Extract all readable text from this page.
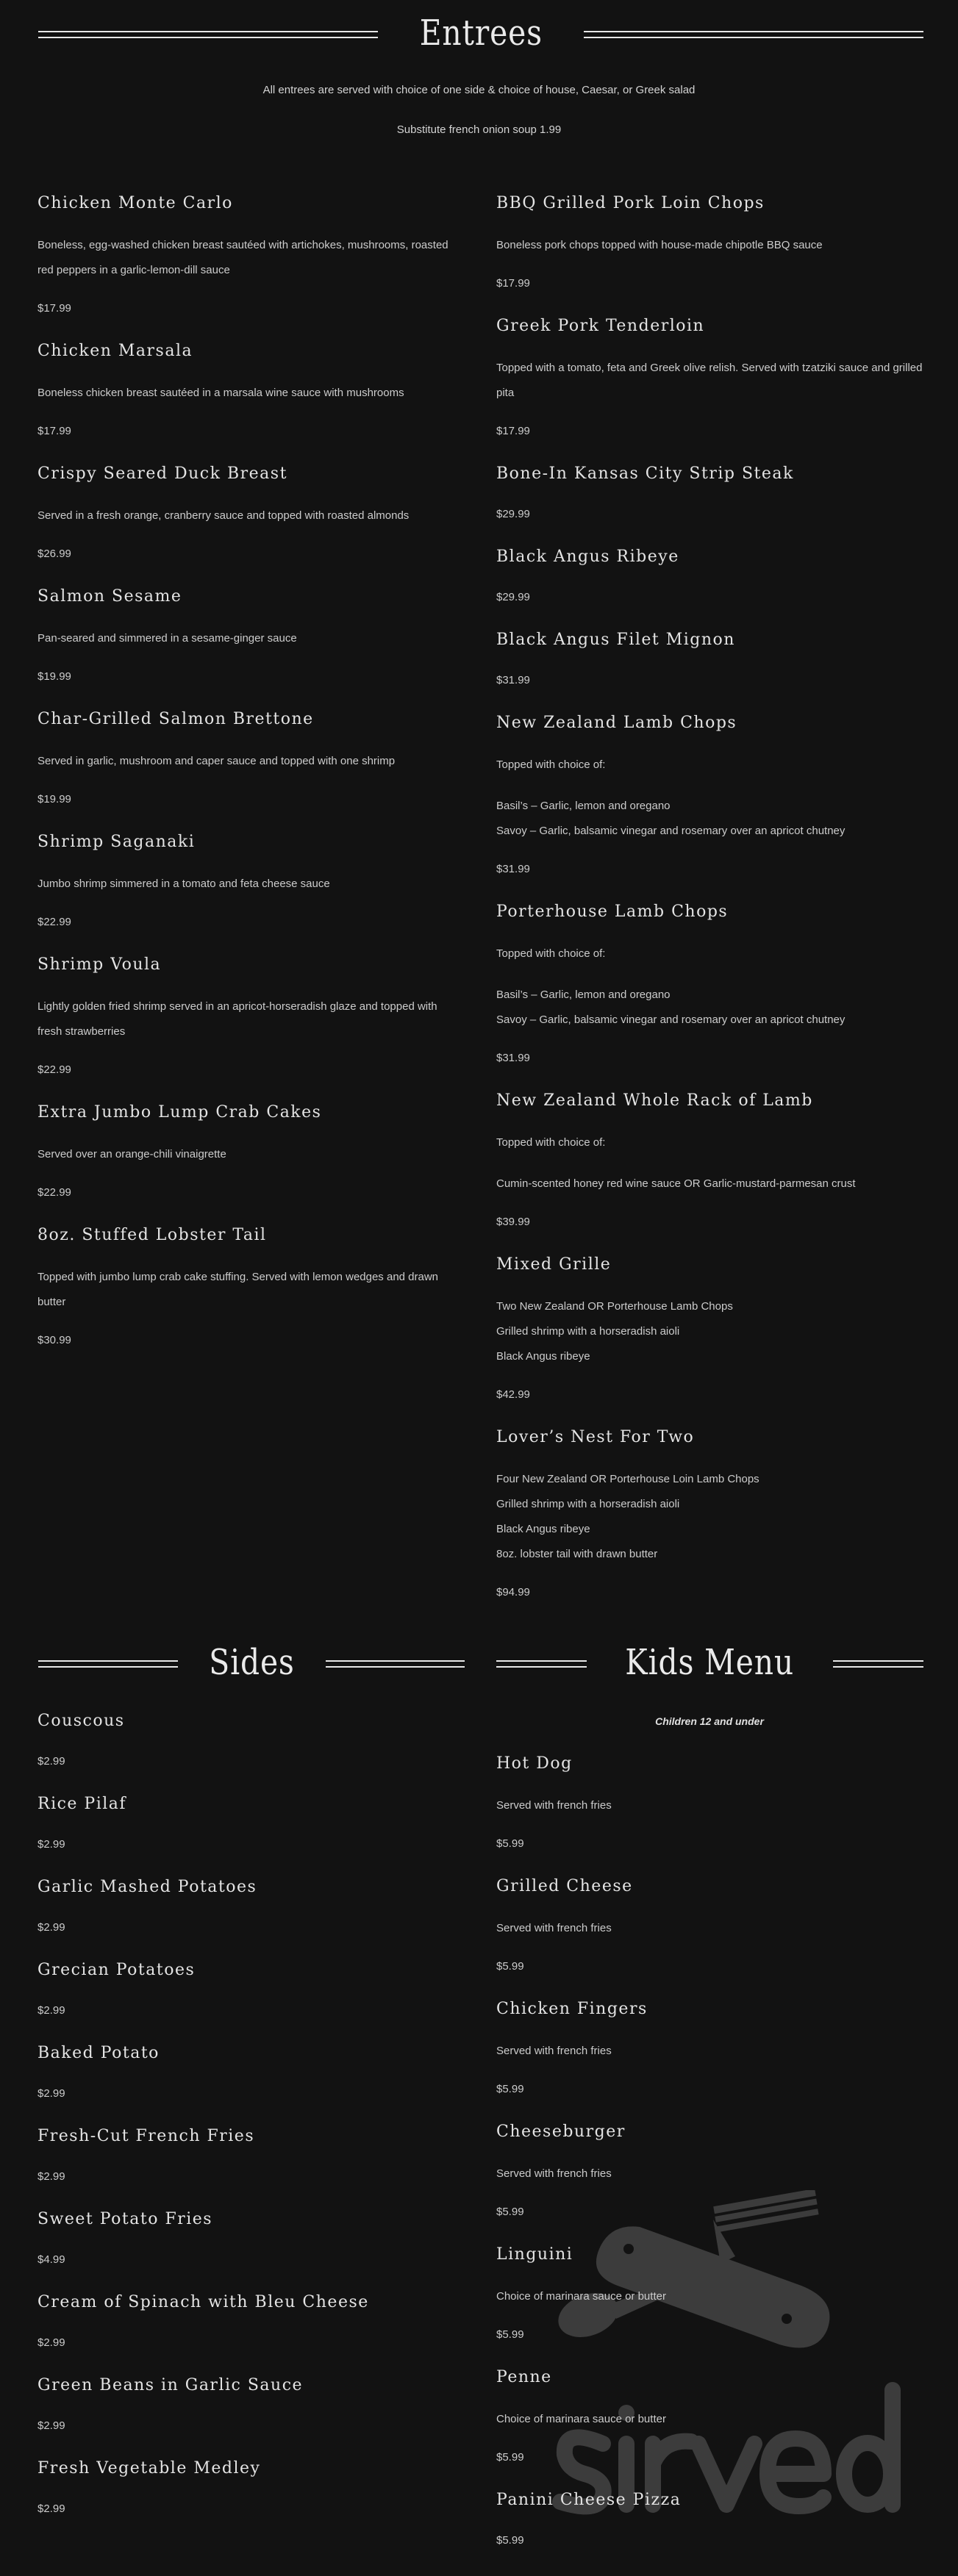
Entrees
All entrees are served with choice of one side & choice of house, Caesar, or Greek salad
Substitute french onion soup 1.99
Chicken Monte Carlo
Boneless, egg-washed chicken breast sautéed with artichokes, mushrooms, roasted red peppers in a garlic-lemon-dill sauce
$17.99
Chicken Marsala
Boneless chicken breast sautéed in a marsala wine sauce with mushrooms
$17.99
Crispy Seared Duck Breast
Served in a fresh orange, cranberry sauce and topped with roasted almonds
$26.99
Salmon Sesame
Pan-seared and simmered in a sesame-ginger sauce
$19.99
Char-Grilled Salmon Brettone
Served in garlic, mushroom and caper sauce and topped with one shrimp
$19.99
Shrimp Saganaki
Jumbo shrimp simmered in a tomato and feta cheese sauce
$22.99
Shrimp Voula
Lightly golden fried shrimp served in an apricot-horseradish glaze and topped with fresh strawberries
$22.99
Extra Jumbo Lump Crab Cakes
Served over an orange-chili vinaigrette
$22.99
8oz. Stuffed Lobster Tail
Topped with jumbo lump crab cake stuffing. Served with lemon wedges and drawn butter
$30.99
BBQ Grilled Pork Loin Chops
Boneless pork chops topped with house-made chipotle BBQ sauce
$17.99
Greek Pork Tenderloin
Topped with a tomato, feta and Greek olive relish. Served with tzatziki sauce and grilled pita
$17.99
Bone-In Kansas City Strip Steak
$29.99
Black Angus Ribeye
$29.99
Black Angus Filet Mignon
$31.99
New Zealand Lamb Chops
Topped with choice of:
Basil’s – Garlic, lemon and oregano
Savoy – Garlic, balsamic vinegar and rosemary over an apricot chutney
$31.99
Porterhouse Lamb Chops
Topped with choice of:
Basil’s – Garlic, lemon and oregano
Savoy – Garlic, balsamic vinegar and rosemary over an apricot chutney
$31.99
New Zealand Whole Rack of Lamb
Topped with choice of:
Cumin-scented honey red wine sauce OR Garlic-mustard-parmesan crust
$39.99
Mixed Grille
Two New Zealand OR Porterhouse Lamb Chops
Grilled shrimp with a horseradish aioli
Black Angus ribeye
$42.99
Lover’s Nest For Two
Four New Zealand OR Porterhouse Loin Lamb Chops
Grilled shrimp with a horseradish aioli
Black Angus ribeye
8oz. lobster tail with drawn butter
$94.99
Sides	Kids Menu
Couscous
$2.99
Rice Pilaf
$2.99
Garlic Mashed Potatoes
$2.99
Grecian Potatoes
$2.99
Baked Potato
$2.99
Fresh-Cut French Fries
$2.99
Sweet Potato Fries
$4.99
Cream of Spinach with Bleu Cheese
$2.99
Green Beans in Garlic Sauce
$2.99
Fresh Vegetable Medley
$2.99
Children 12 and under
Hot Dog
Served with french fries
$5.99
Grilled Cheese
Served with french fries
$5.99
Chicken Fingers
Served with french fries
$5.99
Cheeseburger
Served with french fries
$5.99
Linguini
Choice of marinara sauce or butter
$5.99
Penne
Choice of marinara sauce or butter
$5.99
Panini Cheese Pizza
$5.99
